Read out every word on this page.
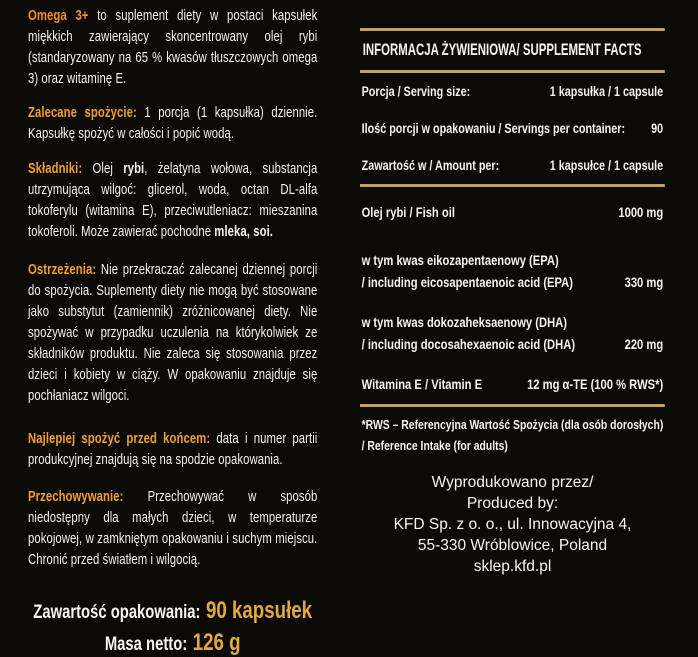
Omega 3+ to suplement diety w postaci kapsułek miękkich zawierający skoncentrowany olej rybi (standaryzowany na 65 % kwasów tłuszczowych omega 3) oraz witaminę E.

Zalecane spożycie: 1 porcja (1 kapsułka) dziennie. Kapsułkę spożyć w całości i popić wodą.

Składniki: Olej rybi, żelatyna wołowa, substancja utrzymująca wilgoć: glicerol, woda, octan DL-alfa tokoferylu (witamina E), przeciwutleniacz: mieszanina tokoferoli. Może zawierać pochodne mleka, soi.

Ostrzeżenia: Nie przekraczać zalecanej dziennej porcji do spożycia. Suplementy diety nie mogą być stosowane jako substytut (zamiennik) zróżnicowanej diety. Nie spożywać w przypadku uczulenia na którykolwiek ze składników produktu. Nie zaleca się stosowania przez dzieci i kobiety w ciąży. W opakowaniu znajduje się pochłaniacz wilgoci.

Najlepiej spożyć przed końcem: data i numer partii produkcyjnej znajdują się na spodzie opakowania.

Przechowywanie: Przechowywać w sposób niedostępny dla małych dzieci, w temperaturze pokojowej, w zamkniętym opakowaniu i suchym miejscu. Chronić przed światłem i wilgocią.

Zawartość opakowania: 90 kapsułek
Masa netto: 126 g
INFORMACJA ŻYWIENIOWA/ SUPPLEMENT FACTS
Porcja / Serving size:	1 kapsułka / 1 capsule
Ilość porcji w opakowaniu / Servings per container: 90
Zawartość w / Amount per:	1 kapsułce / 1 capsule
Olej rybi / Fish oil	1000 mg
w tym kwas eikozapentaenowy (EPA)
/ including eicosapentaenoic acid (EPA)	330 mg
w tym kwas dokozaheksaenowy (DHA)
/ including docosahexaenoic acid (DHA)	220 mg
Witamina E / Vitamin E	12 mg α-TE (100 % RWS*)
*RWS – Referencyjna Wartość Spożycia (dla osób dorosłych)
/ Reference Intake (for adults)
Wyprodukowano przez/
Produced by:
KFD Sp. z o. o., ul. Innowacyjna 4,
55-330 Wróblowice, Poland
sklep.kfd.pl
